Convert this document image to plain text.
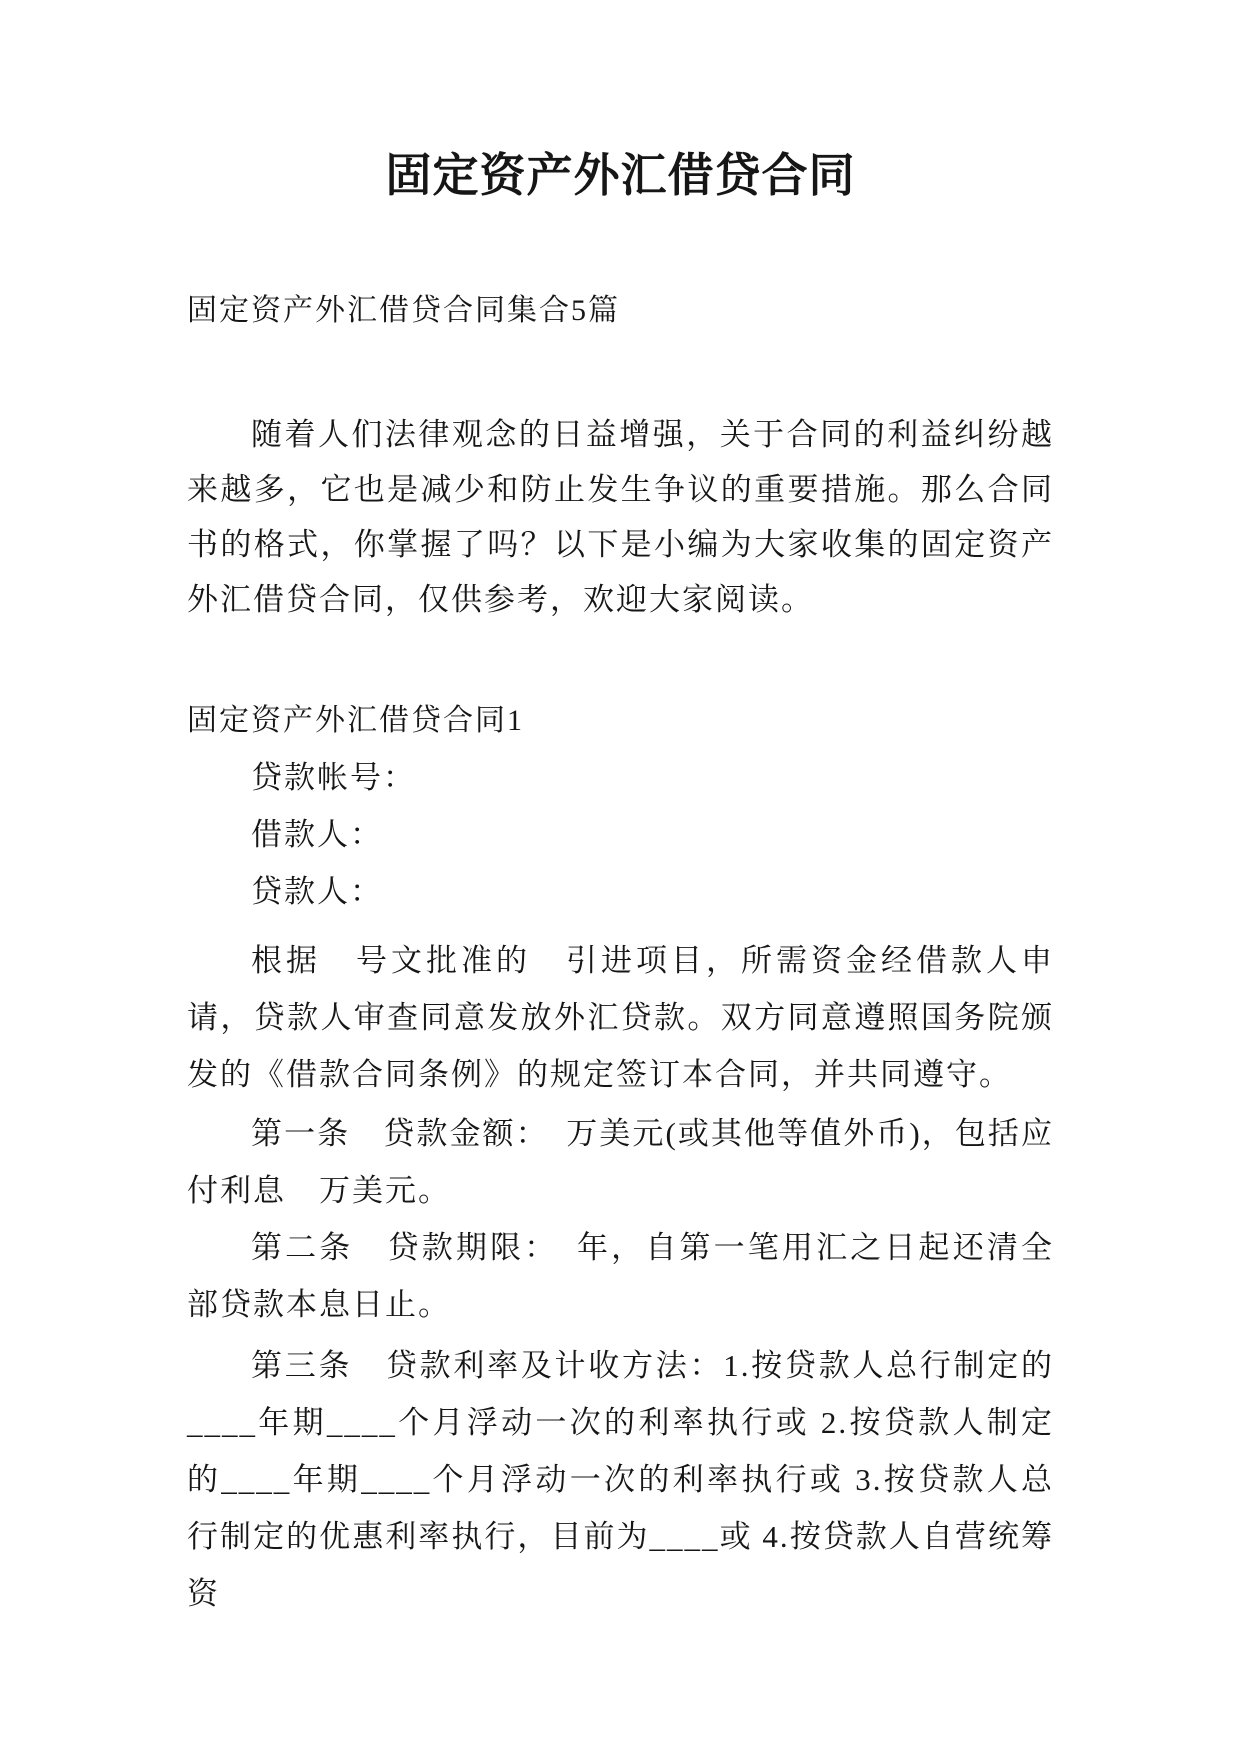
固定资产外汇借贷合同

固定资产外汇借贷合同集合5篇

随着人们法律观念的日益增强，关于合同的利益纠纷越来越多，它也是减少和防止发生争议的重要措施。那么合同书的格式，你掌握了吗？以下是小编为大家收集的固定资产外汇借贷合同，仅供参考，欢迎大家阅读。

固定资产外汇借贷合同1

贷款帐号：

借款人：

贷款人：

根据　号文批准的　引进项目，所需资金经借款人申请，贷款人审查同意发放外汇贷款。双方同意遵照国务院颁发的《借款合同条例》的规定签订本合同，并共同遵守。

第一条　贷款金额：　万美元(或其他等值外币)，包括应付利息　万美元。

第二条　贷款期限：　年，自第一笔用汇之日起还清全部贷款本息日止。

第三条　贷款利率及计收方法：1.按贷款人总行制定的____年期____个月浮动一次的利率执行或 2.按贷款人制定的____年期____个月浮动一次的利率执行或 3.按贷款人总行制定的优惠利率执行，目前为____或 4.按贷款人自营统筹资
